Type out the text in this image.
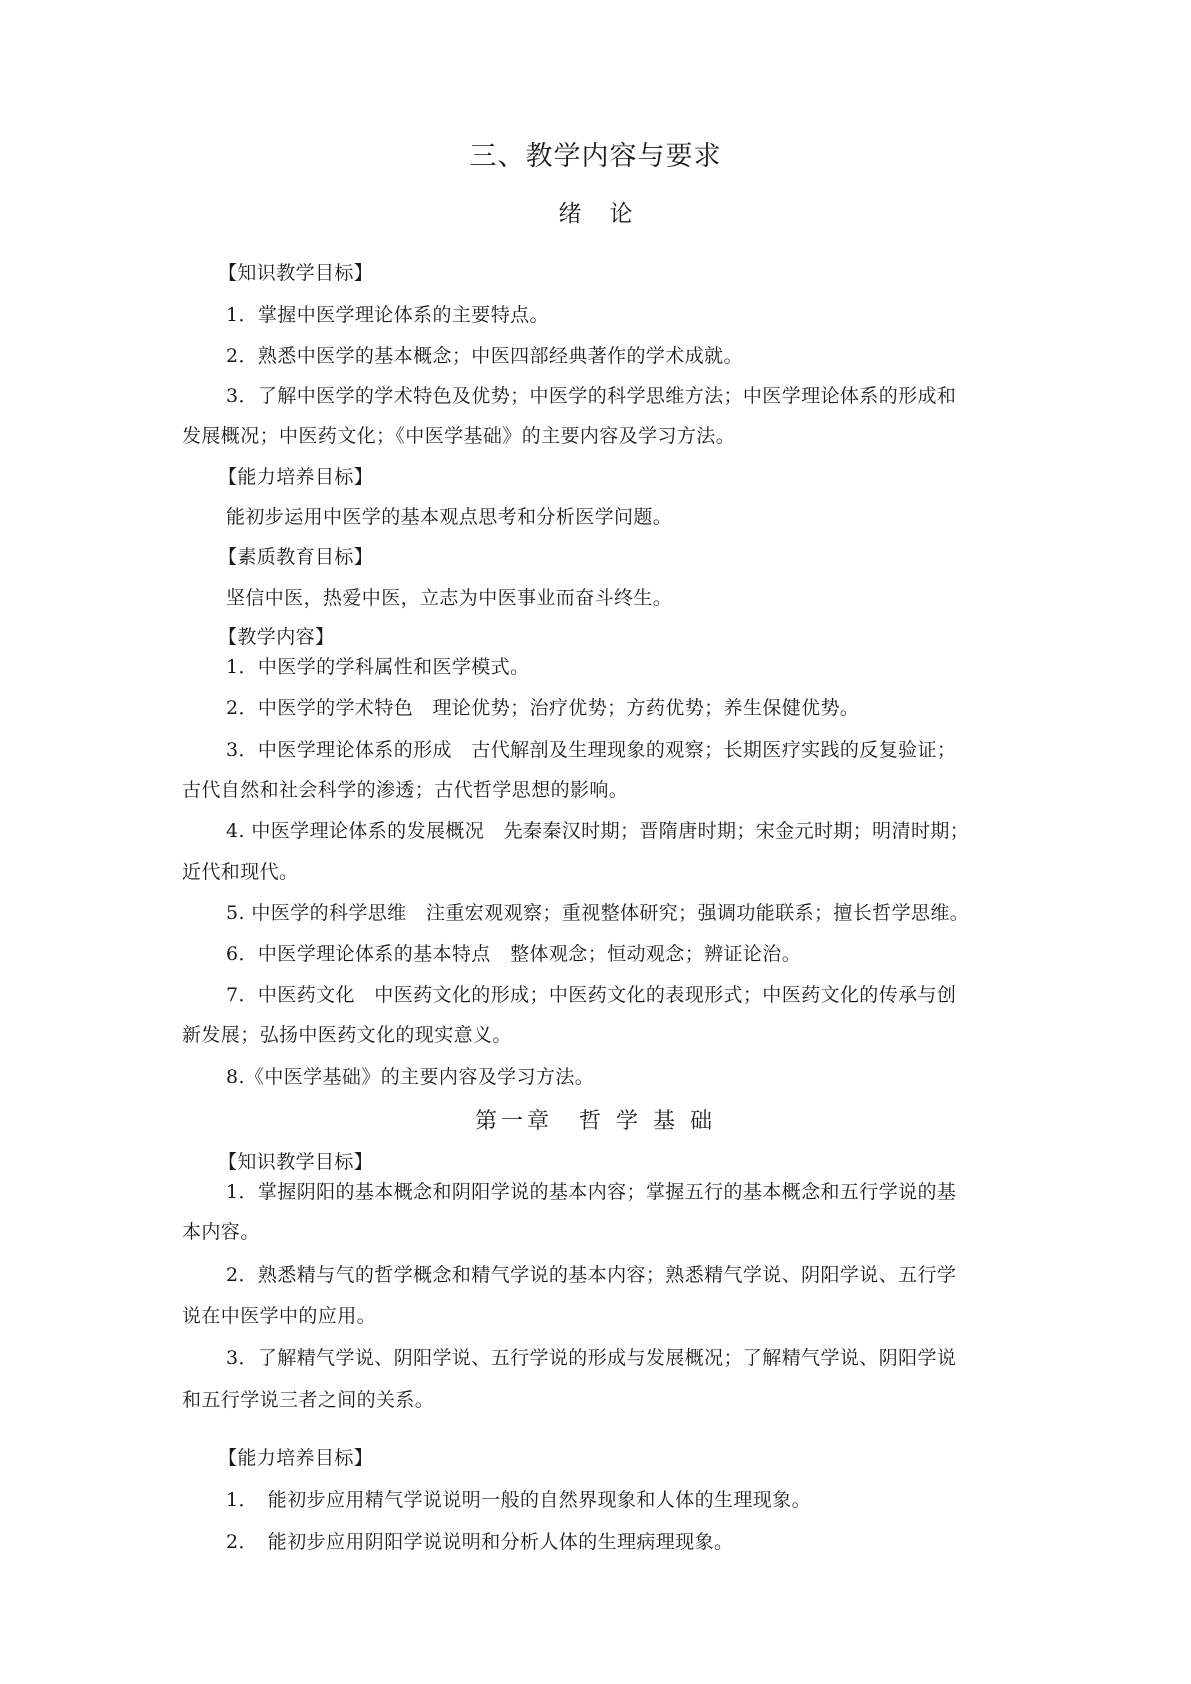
三、教学内容与要求
绪论
【知识教学目标】
1．掌握中医学理论体系的主要特点。
2．熟悉中医学的基本概念；中医四部经典著作的学术成就。
3．了解中医学的学术特色及优势；中医学的科学思维方法；中医学理论体系的形成和
发展概况；中医药文化；《中医学基础》的主要内容及学习方法。
【能力培养目标】
能初步运用中医学的基本观点思考和分析医学问题。
【素质教育目标】
坚信中医，热爱中医，立志为中医事业而奋斗终生。
【教学内容】
1．中医学的学科属性和医学模式。
2．中医学的学术特色　理论优势；治疗优势；方药优势；养生保健优势。
3．中医学理论体系的形成　古代解剖及生理现象的观察；长期医疗实践的反复验证；
古代自然和社会科学的渗透；古代哲学思想的影响。
4. 中医学理论体系的发展概况　先秦秦汉时期；晋隋唐时期；宋金元时期；明清时期；
近代和现代。
5. 中医学的科学思维　注重宏观观察；重视整体研究；强调功能联系；擅长哲学思维。
6．中医学理论体系的基本特点　整体观念；恒动观念；辨证论治。
7．中医药文化　中医药文化的形成；中医药文化的表现形式；中医药文化的传承与创
新发展；弘扬中医药文化的现实意义。
8.《中医学基础》的主要内容及学习方法。
第一章　哲 学 基 础
【知识教学目标】
1．掌握阴阳的基本概念和阴阳学说的基本内容；掌握五行的基本概念和五行学说的基
本内容。
2．熟悉精与气的哲学概念和精气学说的基本内容；熟悉精气学说、阴阳学说、五行学
说在中医学中的应用。
3．了解精气学说、阴阳学说、五行学说的形成与发展概况；了解精气学说、阴阳学说
和五行学说三者之间的关系。
【能力培养目标】
1．　能初步应用精气学说说明一般的自然界现象和人体的生理现象。
2．　能初步应用阴阳学说说明和分析人体的生理病理现象。
